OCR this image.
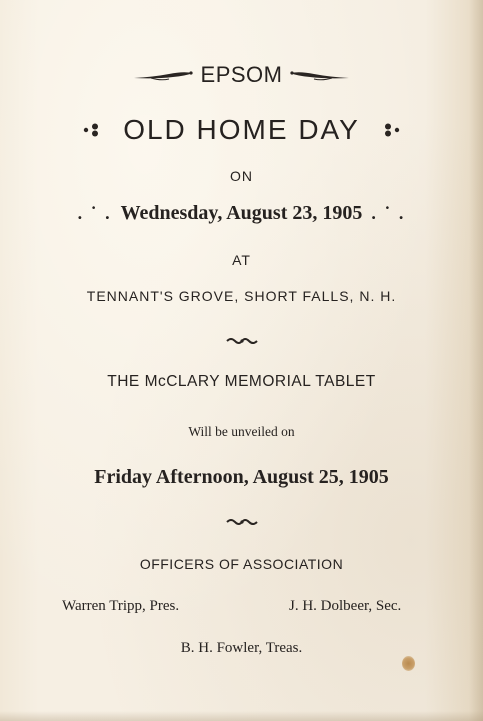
EPSOM
OLD HOME DAY
ON
. ˙ . Wednesday, August 23, 1905 . ˙ .
AT
TENNANT'S GROVE, SHORT FALLS, N. H.
THE McCLARY MEMORIAL TABLET
Will be unveiled on
Friday Afternoon, August 25, 1905
OFFICERS OF ASSOCIATION
Warren Tripp, Pres.	J. H. Dolbeer, Sec.
B. H. Fowler, Treas.
